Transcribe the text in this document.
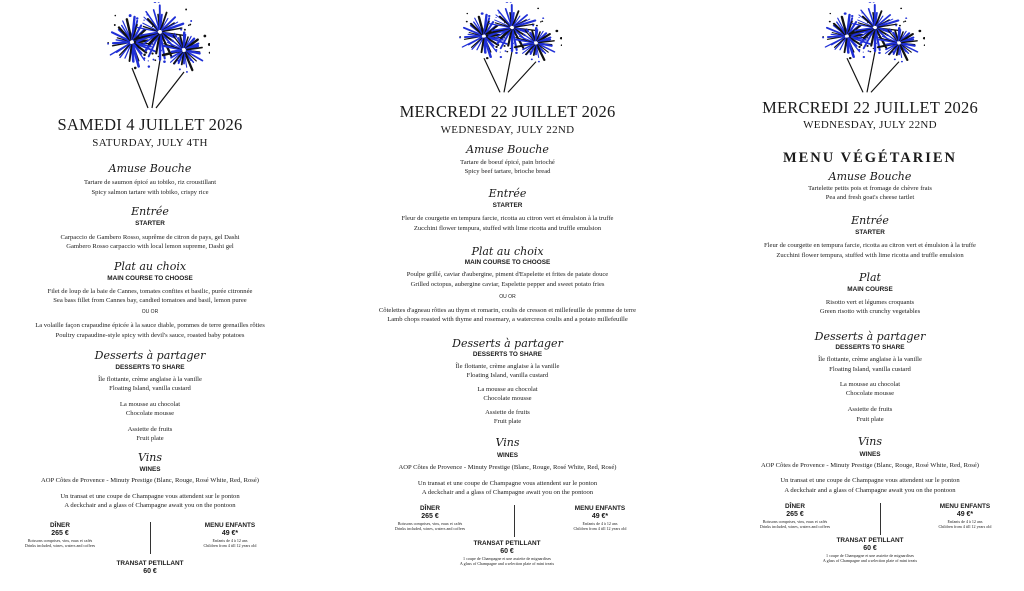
SAMEDI 4 JUILLET 2026
SATURDAY, JULY 4TH
Amuse Bouche
Tartare de saumon épicé au tobiko, riz croustillant
Spicy salmon tartare with tobiko, crispy rice
Entrée
STARTER
Carpaccio de Gambero Rosso, suprême de citron de pays, gel Dashi
Gambero Rosso carpaccio with local lemon supreme, Dashi gel
Plat au choix
MAIN COURSE TO CHOOSE
Filet de loup de la baie de Cannes, tomates confites et basilic, purée citronnée
Sea bass fillet from Cannes bay, candied tomatoes and basil, lemon puree
OU OR
La volaille façon crapaudine épicée à la sauce diable, pommes de terre grenailles rôties
Poultry crapaudine-style spicy with devil's sauce, roasted baby potatoes
Desserts à partager
DESSERTS TO SHARE
Île flottante, crème anglaise à la vanille
Floating Island, vanilla custard
La mousse au chocolat
Chocolate mousse
Assiette de fruits
Fruit plate
Vins
WINES
AOP Côtes de Provence - Minuty Prestige (Blanc, Rouge, Rosé White, Red, Rosé)
Un transat et une coupe de Champagne vous attendent sur le ponton
A deckchair and a glass of Champagne await you on the pontoon
DÎNER
265 €
Boissons comprises, vins, eaux et cafés
Drinks included, wines, waters and coffees
MENU ENFANTS
49 €*
Enfants de 4 à 12 ans
Children from 4 till 12 years old
TRANSAT PETILLANT
60 €
MERCREDI 22 JUILLET 2026
WEDNESDAY, JULY 22ND
Amuse Bouche
Tartare de boeuf épicé, pain brioché
Spicy beef tartare, brioche bread
Entrée
STARTER
Fleur de courgette en tempura farcie, ricotta au citron vert et émulsion à la truffe
Zucchini flower tempura, stuffed with lime ricotta and truffle emulsion
Plat au choix
MAIN COURSE TO CHOOSE
Poulpe grillé, caviar d'aubergine, piment d'Espelette et frites de patate douce
Grilled octopus, aubergine caviar, Espelette pepper and sweet potato fries
OU OR
Côtelettes d'agneau rôties au thym et romarin, coulis de cresson et millefeuille de pomme de terre
Lamb chops roasted with thyme and rosemary, a watercress coulis and a potato millefeuille
Desserts à partager
DESSERTS TO SHARE
Île flottante, crème anglaise à la vanille
Floating Island, vanilla custard
La mousse au chocolat
Chocolate mousse
Assiette de fruits
Fruit plate
Vins
WINES
AOP Côtes de Provence - Minuty Prestige (Blanc, Rouge, Rosé White, Red, Rosé)
Un transat et une coupe de Champagne vous attendent sur le ponton
A deckchair and a glass of Champagne await you on the pontoon
DÎNER
265 €
Boissons comprises, vins, eaux et cafés
Drinks included, wines, waters and coffees
MENU ENFANTS
49 €*
Enfants de 4 à 12 ans
Children from 4 till 12 years old
TRANSAT PETILLANT
60 €
1 coupe de Champagne et une assiette de mignardises
A glass of Champagne and a selection plate of mini treats
MERCREDI 22 JUILLET 2026
WEDNESDAY, JULY 22ND
MENU VÉGÉTARIEN
Amuse Bouche
Tartelette petits pois et fromage de chèvre frais
Pea and fresh goat's cheese tartlet
Entrée
STARTER
Fleur de courgette en tempura farcie, ricotta au citron vert et émulsion à la truffe
Zucchini flower tempura, stuffed with lime ricotta and truffle emulsion
Plat
MAIN COURSE
Risotto vert et légumes croquants
Green risotto with crunchy vegetables
Desserts à partager
DESSERTS TO SHARE
Île flottante, crème anglaise à la vanille
Floating Island, vanilla custard
La mousse au chocolat
Chocolate mousse
Assiette de fruits
Fruit plate
Vins
WINES
AOP Côtes de Provence - Minuty Prestige (Blanc, Rouge, Rosé White, Red, Rosé)
Un transat et une coupe de Champagne vous attendent sur le ponton
A deckchair and a glass of Champagne await you on the pontoon
DÎNER
265 €
Boissons comprises, vins, eaux et cafés
Drinks included, wines, waters and coffees
MENU ENFANTS
49 €*
Enfants de 4 à 12 ans
Children from 4 till 12 years old
TRANSAT PETILLANT
60 €
1 coupe de Champagne et une assiette de mignardises
A glass of Champagne and a selection plate of mini treats
